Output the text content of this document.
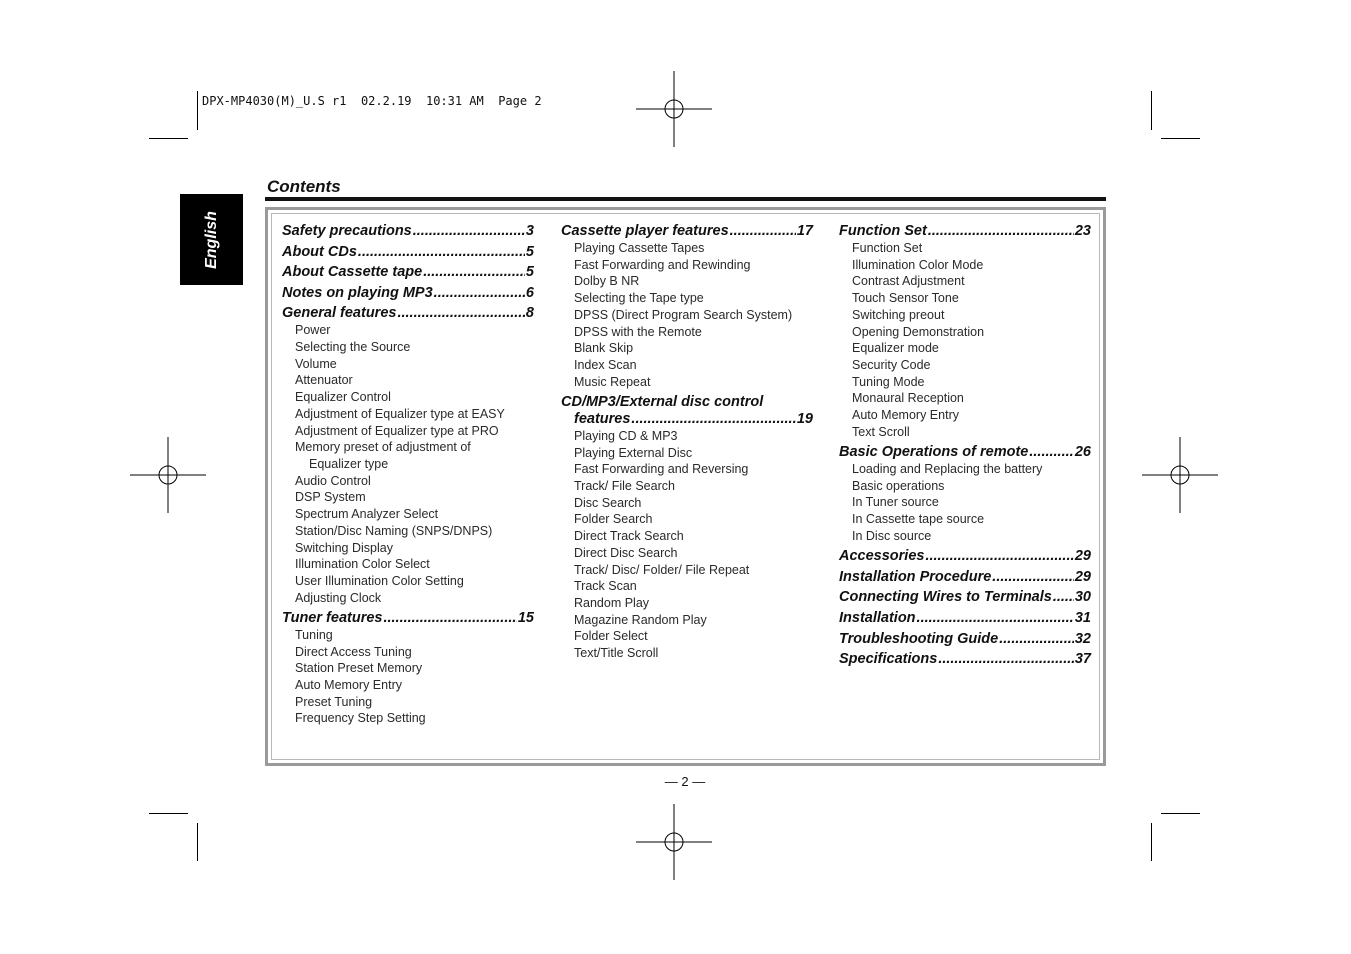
DPX-MP4030(M)_U.S r1  02.2.19  10:31 AM  Page 2
English
Contents
Safety precautions .....	3
About CDs .....	5
About Cassette tape .....	5
Notes on playing MP3 .....	6
General features .....	8
Power
Selecting the Source
Volume
Attenuator
Equalizer Control
Adjustment of Equalizer type at EASY
Adjustment of Equalizer type at PRO
Memory preset of adjustment of Equalizer type
Audio Control
DSP System
Spectrum Analyzer Select
Station/Disc Naming (SNPS/DNPS)
Switching Display
Illumination Color Select
User Illumination Color Setting
Adjusting Clock
Tuner features .....	15
Tuning
Direct Access Tuning
Station Preset Memory
Auto Memory Entry
Preset Tuning
Frequency Step Setting
Cassette player features .....	17
Playing Cassette Tapes
Fast Forwarding and Rewinding
Dolby B NR
Selecting the Tape type
DPSS (Direct Program Search System)
DPSS with the Remote
Blank Skip
Index Scan
Music Repeat
CD/MP3/External disc control
features .....	19
Playing CD & MP3
Playing External Disc
Fast Forwarding and Reversing
Track/ File Search
Disc Search
Folder Search
Direct Track Search
Direct Disc Search
Track/ Disc/ Folder/ File Repeat
Track Scan
Random Play
Magazine Random Play
Folder Select
Text/Title Scroll
Function Set .....	23
Function Set
Illumination Color Mode
Contrast Adjustment
Touch Sensor Tone
Switching preout
Opening Demonstration
Equalizer mode
Security Code
Tuning Mode
Monaural Reception
Auto Memory Entry
Text Scroll
Basic Operations of remote .....	26
Loading and Replacing the battery
Basic operations
In Tuner source
In Cassette tape source
In Disc source
Accessories .....	29
Installation Procedure .....	29
Connecting Wires to Terminals ..... 30
Installation .....	31
Troubleshooting Guide .....	32
Specifications .....	37
— 2 —
